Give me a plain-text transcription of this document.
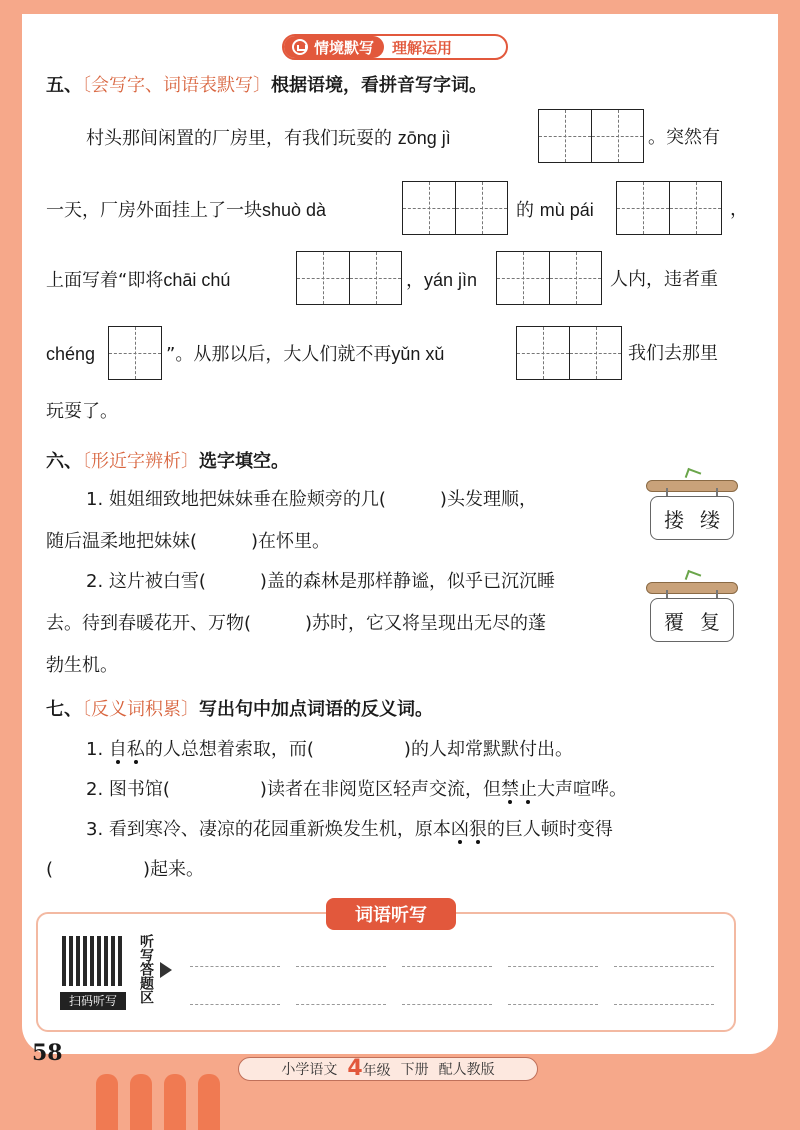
情境默写	理解运用
五、〔会写字、词语表默写〕根据语境，看拼音写字词。
村头那间闲置的厂房里，有我们玩耍的 zōng jì	。突然有
一天，厂房外面挂上了一块shuò dà	的 mù pái	，
上面写着“即将chāi chú	，yán jìn	人内，违者重
chéng	”。从那以后，大人们就不再yǔn xǔ	我们去那里
玩耍了。
六、〔形近字辨析〕选字填空。
1. 姐姐细致地把妹妹垂在脸颊旁的几(　　　)头发理顺，
随后温柔地把妹妹(　　　)在怀里。
搂 缕
2. 这片被白雪(　　　)盖的森林是那样静谧，似乎已沉沉睡
去。待到春暖花开、万物(　　　)苏时，它又将呈现出无尽的蓬
勃生机。
覆 复
七、〔反义词积累〕写出句中加点词语的反义词。
1. 自私的人总想着索取，而(　　　　　)的人却常默默付出。
2. 图书馆(　　　　　)读者在非阅览区轻声交流，但禁止大声喧哗。
3. 看到寒冷、凄凉的花园重新焕发生机，原本凶狠的巨人顿时变得
(　　　　　)起来。
词语听写
扫码听写	听写答题区
58
小学语文 4年级 下册 配人教版
